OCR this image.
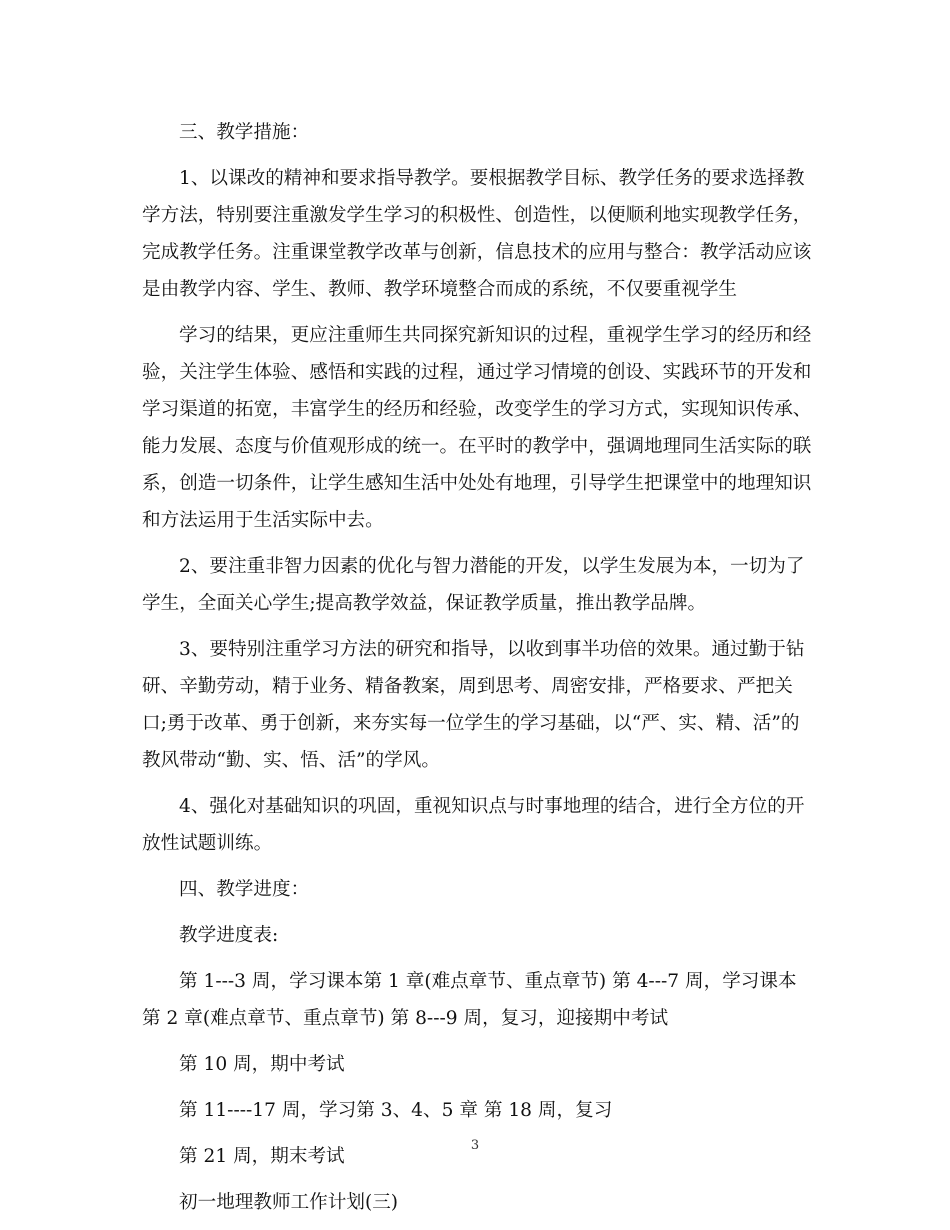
三、教学措施：
1、以课改的精神和要求指导教学。要根据教学目标、教学任务的要求选择教
学方法，特别要注重激发学生学习的积极性、创造性，以便顺利地实现教学任务，
完成教学任务。注重课堂教学改革与创新，信息技术的应用与整合：教学活动应该
是由教学内容、学生、教师、教学环境整合而成的系统，不仅要重视学生
学习的结果，更应注重师生共同探究新知识的过程，重视学生学习的经历和经
验，关注学生体验、感悟和实践的过程，通过学习情境的创设、实践环节的开发和
学习渠道的拓宽，丰富学生的经历和经验，改变学生的学习方式，实现知识传承、
能力发展、态度与价值观形成的统一。在平时的教学中，强调地理同生活实际的联
系，创造一切条件，让学生感知生活中处处有地理，引导学生把课堂中的地理知识
和方法运用于生活实际中去。
2、要注重非智力因素的优化与智力潜能的开发，以学生发展为本，一切为了
学生，全面关心学生;提高教学效益，保证教学质量，推出教学品牌。
3、要特别注重学习方法的研究和指导，以收到事半功倍的效果。通过勤于钻
研、辛勤劳动，精于业务、精备教案，周到思考、周密安排，严格要求、严把关
口;勇于改革、勇于创新，来夯实每一位学生的学习基础，以“严、实、精、活”的
教风带动“勤、实、悟、活”的学风。
4、强化对基础知识的巩固，重视知识点与时事地理的结合，进行全方位的开
放性试题训练。
四、教学进度：
教学进度表:
第 1---3 周，学习课本第 1 章(难点章节、重点章节) 第 4---7 周，学习课本
第 2 章(难点章节、重点章节) 第 8---9 周，复习，迎接期中考试
第 10 周，期中考试
第 11----17 周，学习第 3、4、5 章 第 18 周，复习
第 21 周，期末考试
初一地理教师工作计划(三)
3
